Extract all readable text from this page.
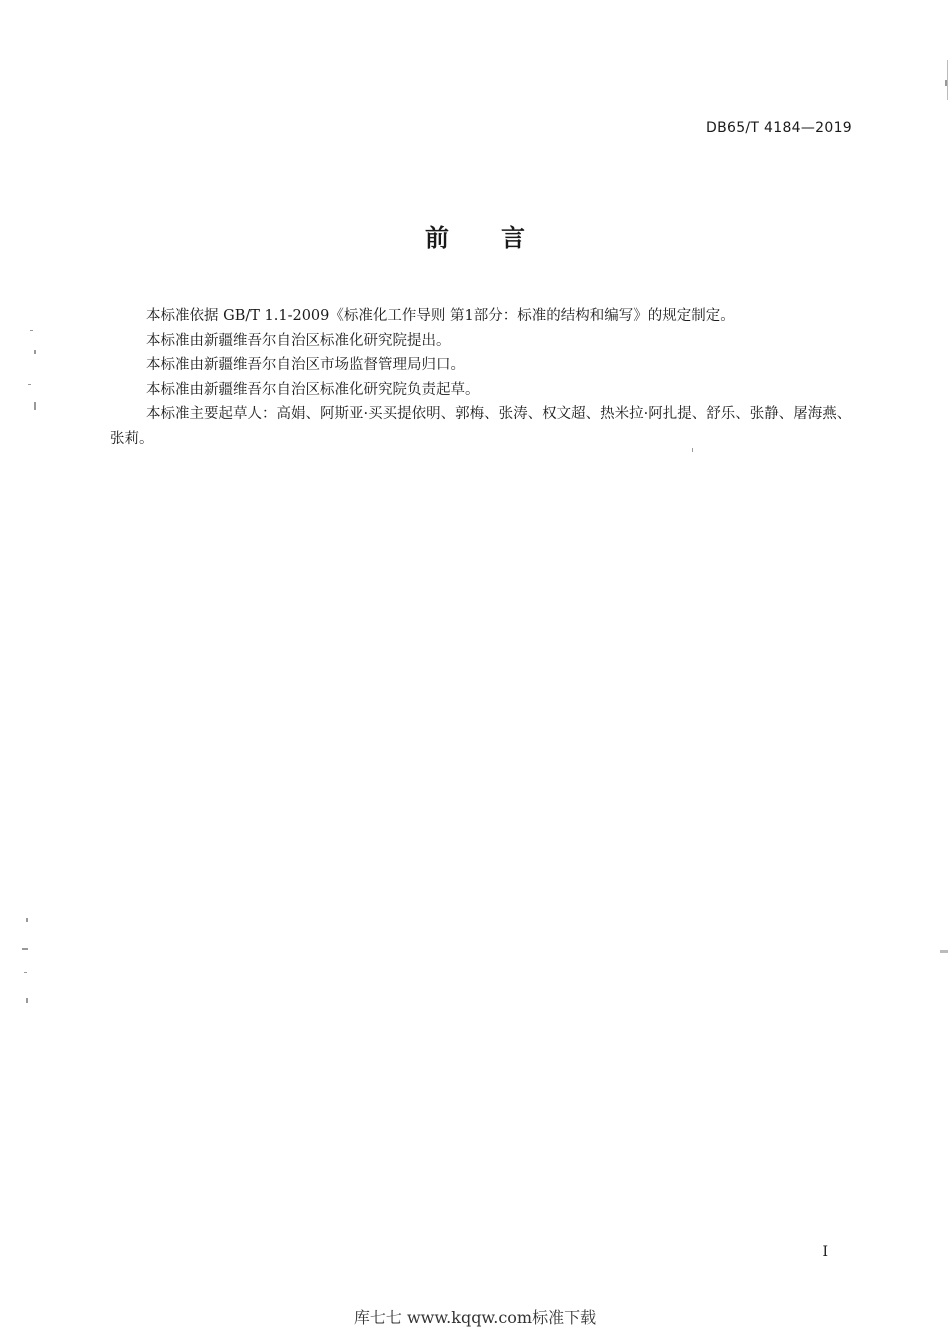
DB65/T 4184—2019
前 言

本标准依据 GB/T 1.1-2009《标准化工作导则 第1部分：标准的结构和编写》的规定制定。

本标准由新疆维吾尔自治区标准化研究院提出。

本标准由新疆维吾尔自治区市场监督管理局归口。

本标准由新疆维吾尔自治区标准化研究院负责起草。

本标准主要起草人：高娟、阿斯亚·买买提依明、郭梅、张涛、权文超、热米拉·阿扎提、舒乐、张静、屠海燕、张莉。

I
库七七 www.kqqw.com标准下载
